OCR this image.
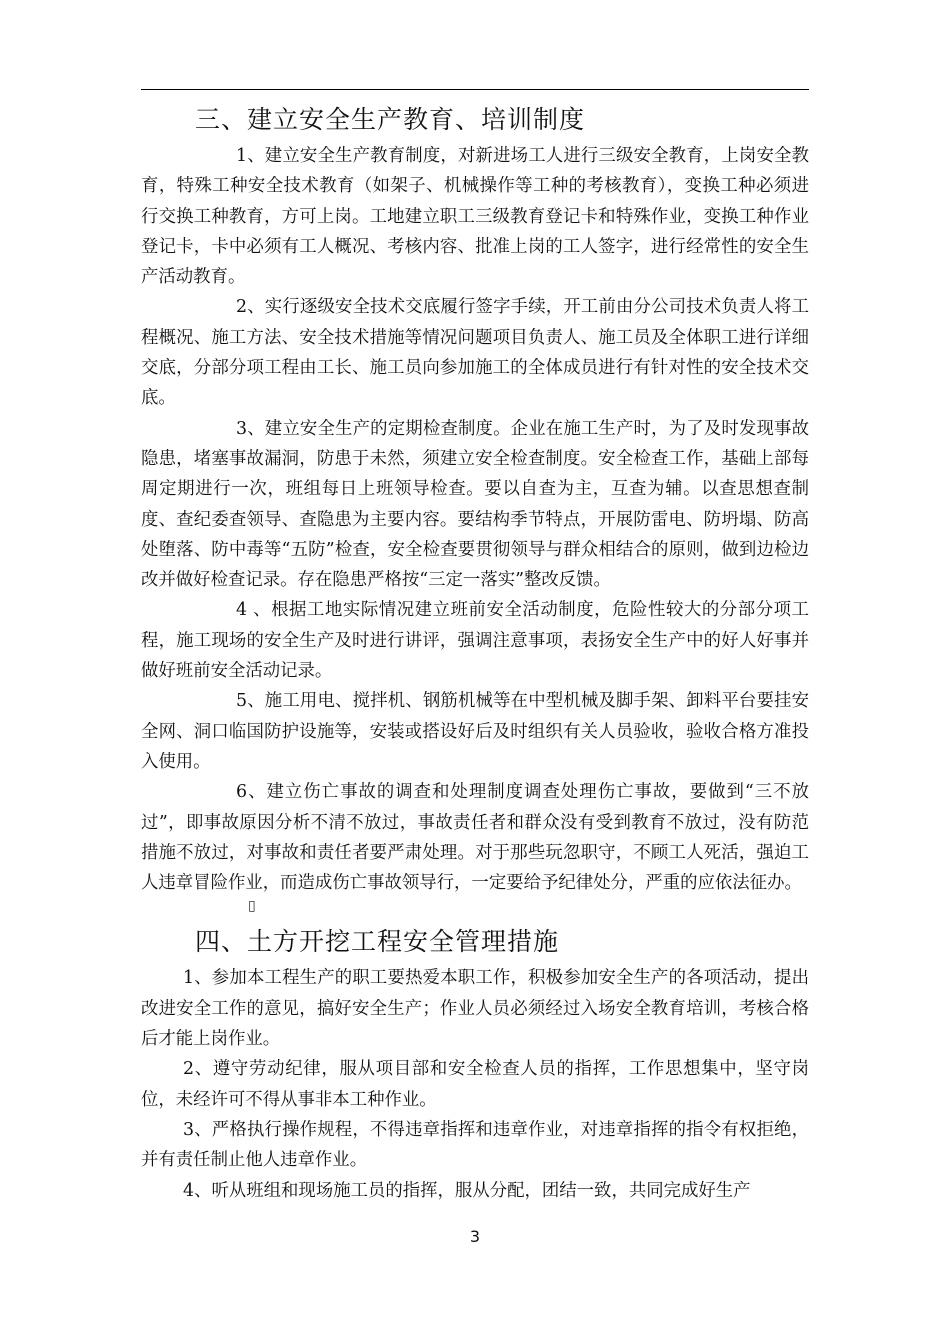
三、建立安全生产教育、培训制度

1、建立安全生产教育制度，对新进场工人进行三级安全教育，上岗安全教育，特殊工种安全技术教育（如架子、机械操作等工种的考核教育），变换工种必须进行交换工种教育，方可上岗。工地建立职工三级教育登记卡和特殊作业，变换工种作业登记卡，卡中必须有工人概况、考核内容、批准上岗的工人签字，进行经常性的安全生产活动教育。

2、实行逐级安全技术交底履行签字手续，开工前由分公司技术负责人将工程概况、施工方法、安全技术措施等情况问题项目负责人、施工员及全体职工进行详细交底，分部分项工程由工长、施工员向参加施工的全体成员进行有针对性的安全技术交底。

3、建立安全生产的定期检查制度。企业在施工生产时，为了及时发现事故隐患，堵塞事故漏洞，防患于未然，须建立安全检查制度。安全检查工作，基础上部每周定期进行一次，班组每日上班领导检查。要以自查为主，互查为辅。以查思想查制度、查纪委查领导、查隐患为主要内容。要结构季节特点，开展防雷电、防坍塌、防高处堕落、防中毒等“五防”检查，安全检查要贯彻领导与群众相结合的原则，做到边检边改并做好检查记录。存在隐患严格按“三定一落实”整改反馈。

4 、根据工地实际情况建立班前安全活动制度，危险性较大的分部分项工程，施工现场的安全生产及时进行讲评，强调注意事项，表扬安全生产中的好人好事并做好班前安全活动记录。

5、施工用电、搅拌机、钢筋机械等在中型机械及脚手架、卸料平台要挂安全网、洞口临国防护设施等，安装或搭设好后及时组织有关人员验收，验收合格方准投入使用。

6、建立伤亡事故的调查和处理制度调查处理伤亡事故，要做到“三不放过”，即事故原因分析不清不放过，事故责任者和群众没有受到教育不放过，没有防范措施不放过，对事故和责任者要严肃处理。对于那些玩忽职守，不顾工人死活，强迫工人违章冒险作业，而造成伤亡事故领导行，一定要给予纪律处分，严重的应依法征办。

▯
四、土方开挖工程安全管理措施

1、参加本工程生产的职工要热爱本职工作，积极参加安全生产的各项活动，提出改进安全工作的意见，搞好安全生产；作业人员必须经过入场安全教育培训，考核合格后才能上岗作业。

2、遵守劳动纪律，服从项目部和安全检查人员的指挥，工作思想集中，坚守岗位，未经许可不得从事非本工种作业。

3、严格执行操作规程，不得违章指挥和违章作业，对违章指挥的指令有权拒绝，并有责任制止他人违章作业。

4、听从班组和现场施工员的指挥，服从分配，团结一致，共同完成好生产

3
